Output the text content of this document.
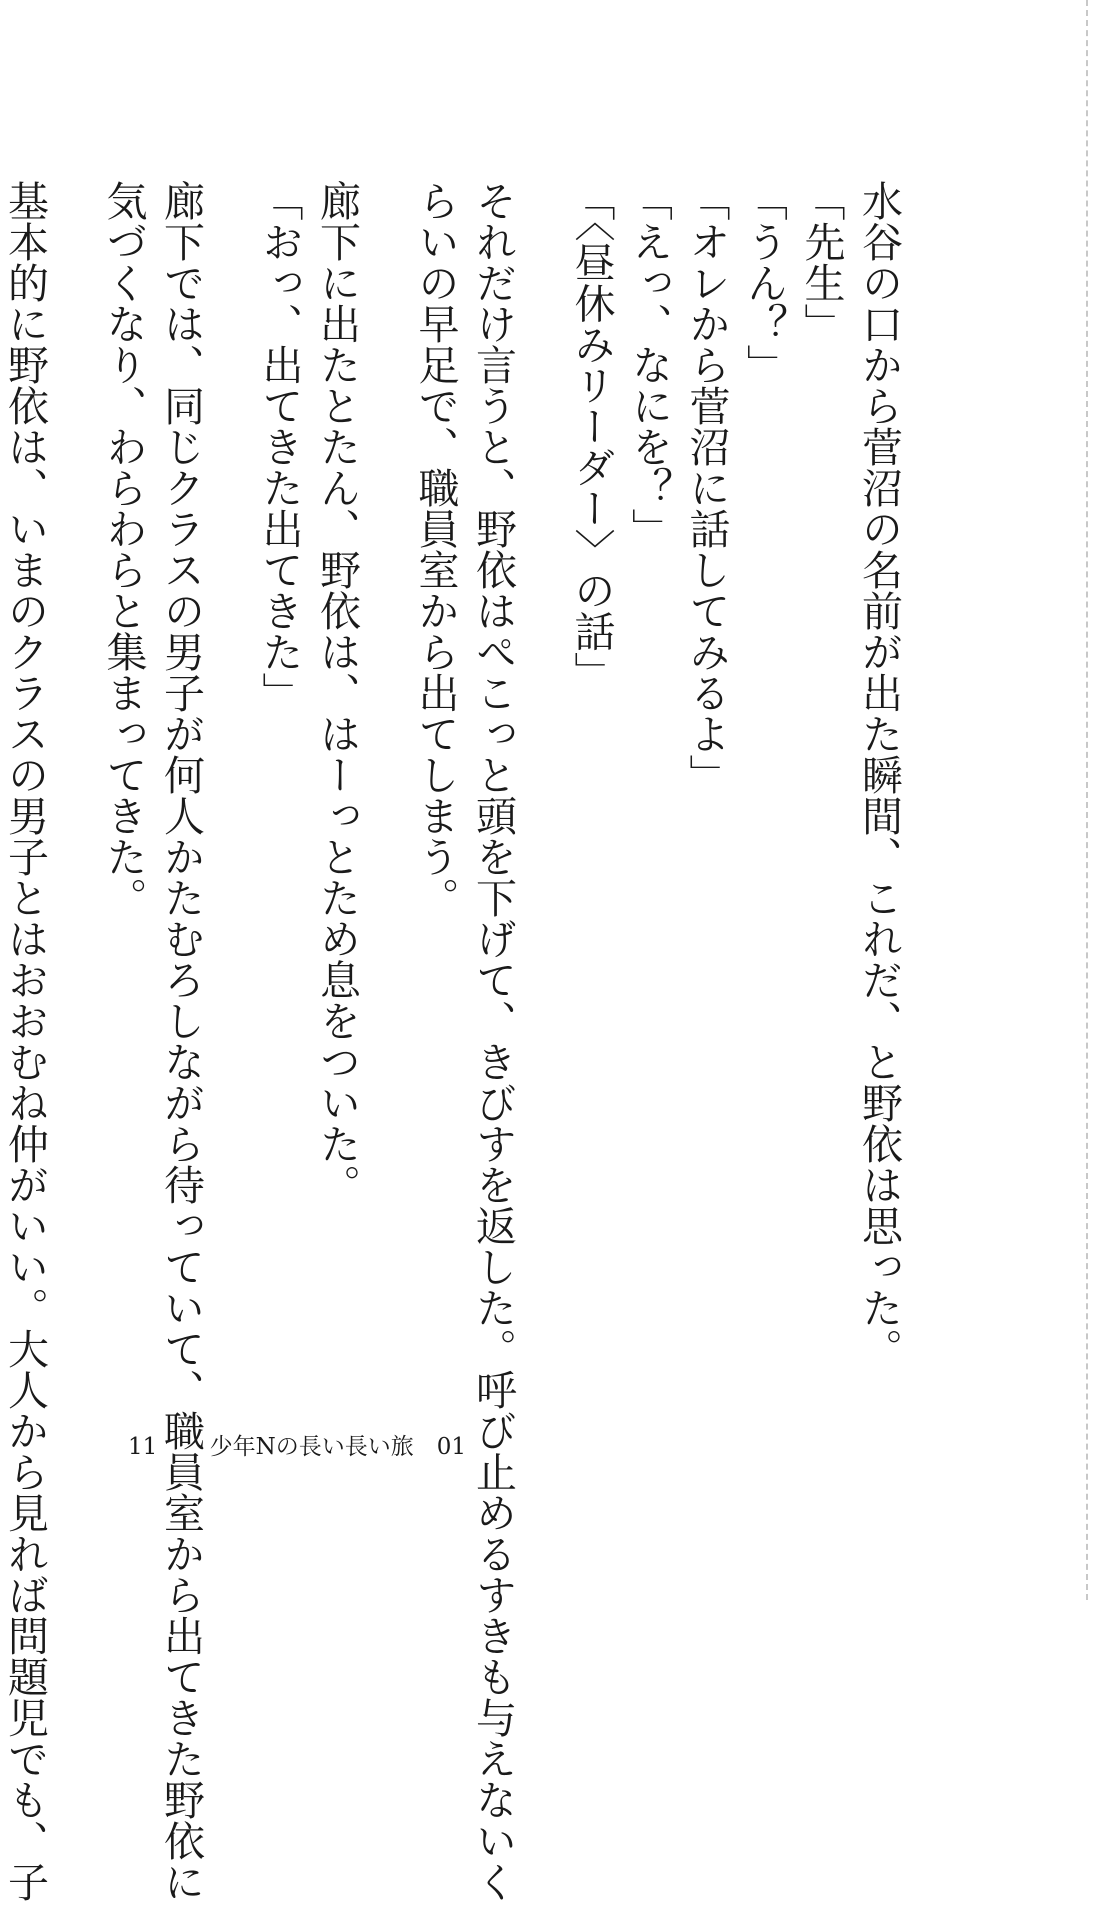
水谷の口から菅沼の名前が出た瞬間、これだ、と野依は思った。
「先生」
「うん？」
「オレから菅沼に話してみるよ」
「えっ、なにを？」
「〈昼休みリーダー〉の話」
それだけ言うと、野依はぺこっと頭を下げて、きびすを返した。呼び止めるすきも与えないく
らいの早足で、職員室から出てしまう。
廊下に出たとたん、野依は、はーっとため息をついた。
「おっ、出てきた出てきた」
廊下では、同じクラスの男子が何人かたむろしながら待っていて、職員室から出てきた野依に
気づくなり、わらわらと集まってきた。
基本的に野依は、いまのクラスの男子とはおおむね仲がいい。大人から見れば問題児でも、子	11 少年Nの長い長い旅　01
